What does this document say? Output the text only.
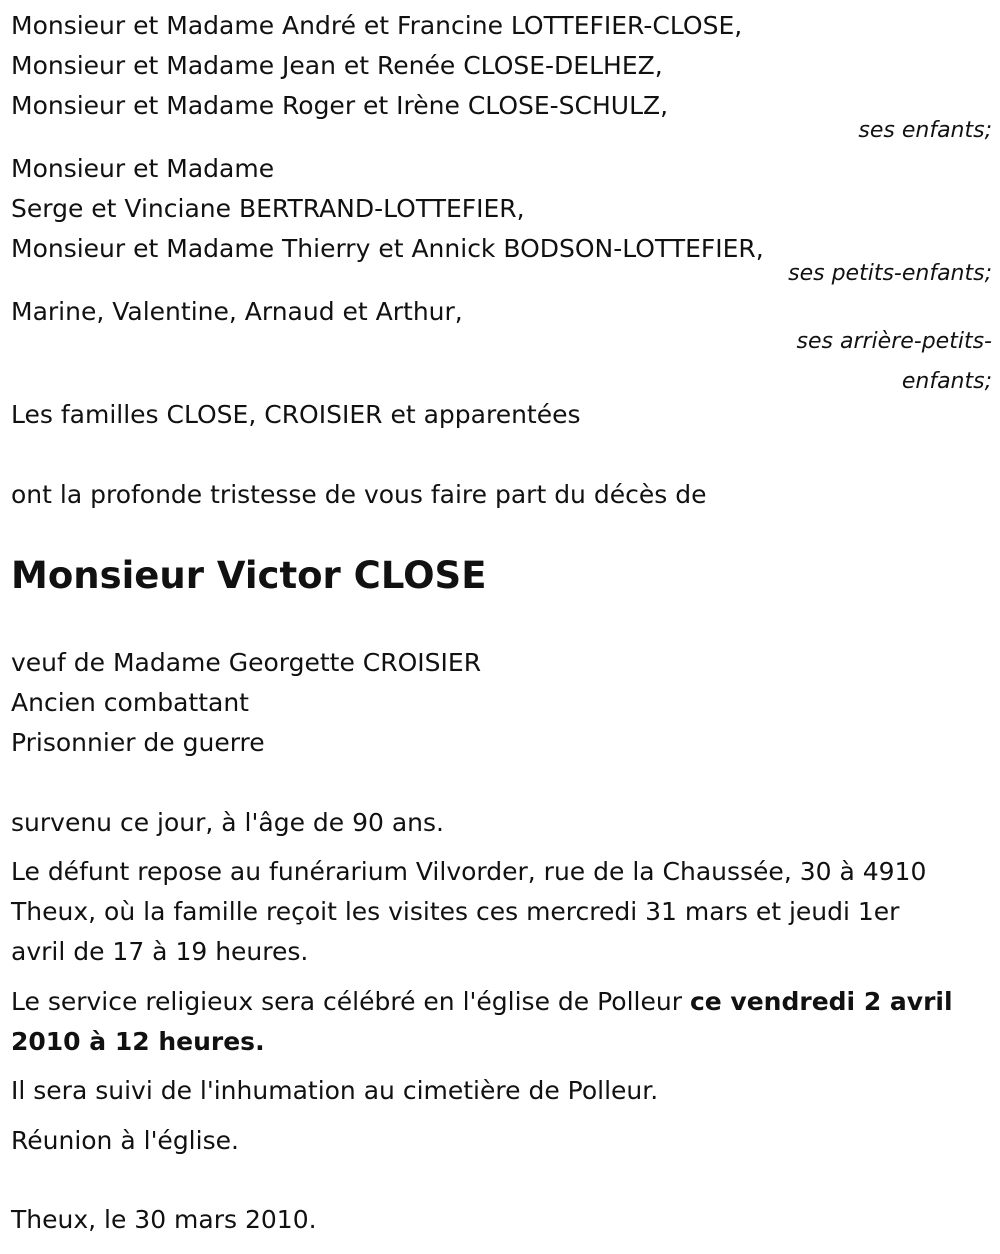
Monsieur et Madame André et Francine LOTTEFIER-CLOSE,
Monsieur et Madame Jean et Renée CLOSE-DELHEZ,
Monsieur et Madame Roger et Irène CLOSE-SCHULZ,
ses enfants;
Monsieur et Madame
Serge et Vinciane BERTRAND-LOTTEFIER,
Monsieur et Madame Thierry et Annick BODSON-LOTTEFIER,
ses petits-enfants;
Marine, Valentine, Arnaud et Arthur,
ses arrière-petits-
enfants;
Les familles CLOSE, CROISIER et apparentées
ont la profonde tristesse de vous faire part du décès de
Monsieur Victor CLOSE
veuf de Madame Georgette CROISIER
Ancien combattant
Prisonnier de guerre
survenu ce jour, à l'âge de 90 ans.
Le défunt repose au funérarium Vilvorder, rue de la Chaussée, 30 à 4910
Theux, où la famille reçoit les visites ces mercredi 31 mars et jeudi 1er
avril de 17 à 19 heures.
Le service religieux sera célébré en l'église de Polleur ce vendredi 2 avril
2010 à 12 heures.
Il sera suivi de l'inhumation au cimetière de Polleur.
Réunion à l'église.
Theux, le 30 mars 2010.
